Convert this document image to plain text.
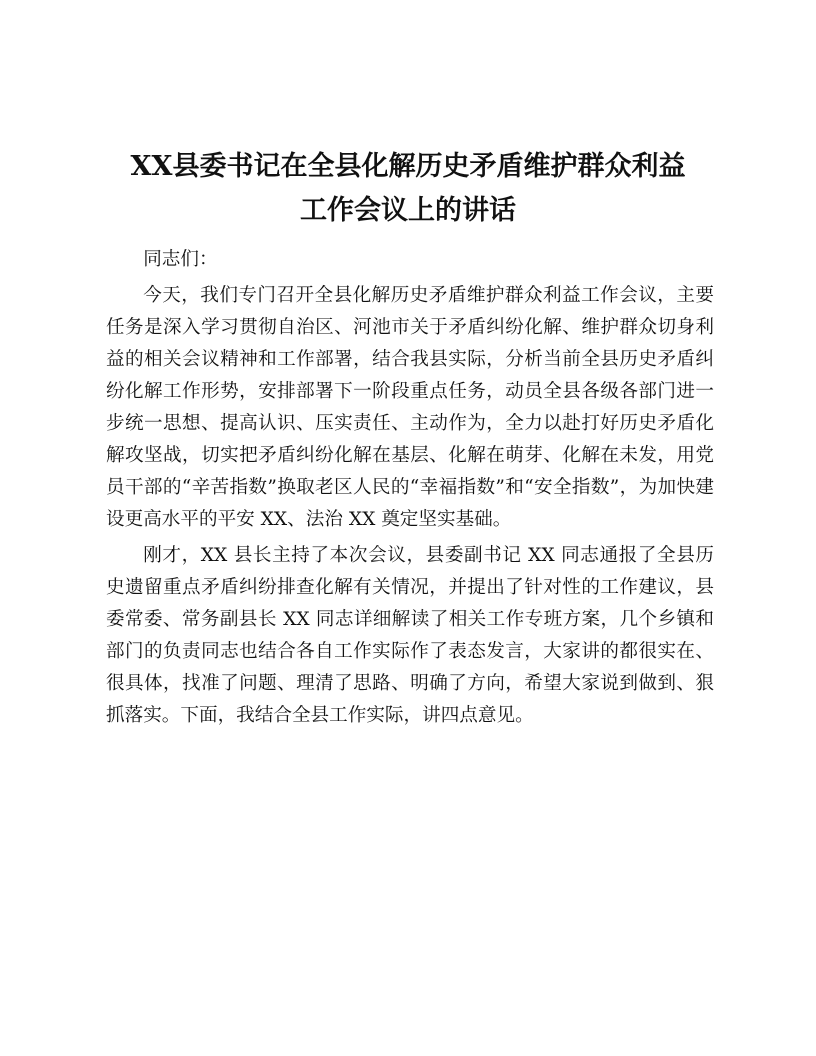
XX县委书记在全县化解历史矛盾维护群众利益
工作会议上的讲话

同志们：

今天，我们专门召开全县化解历史矛盾维护群众利益工作会议，主要任务是深入学习贯彻自治区、河池市关于矛盾纠纷化解、维护群众切身利益的相关会议精神和工作部署，结合我县实际，分析当前全县历史矛盾纠纷化解工作形势，安排部署下一阶段重点任务，动员全县各级各部门进一步统一思想、提高认识、压实责任、主动作为，全力以赴打好历史矛盾化解攻坚战，切实把矛盾纠纷化解在基层、化解在萌芽、化解在未发，用党员干部的“辛苦指数”换取老区人民的“幸福指数”和“安全指数”，为加快建设更高水平的平安 XX、法治 XX 奠定坚实基础。

刚才，XX 县长主持了本次会议，县委副书记 XX 同志通报了全县历史遗留重点矛盾纠纷排查化解有关情况，并提出了针对性的工作建议，县委常委、常务副县长 XX 同志详细解读了相关工作专班方案，几个乡镇和部门的负责同志也结合各自工作实际作了表态发言，大家讲的都很实在、很具体，找准了问题、理清了思路、明确了方向，希望大家说到做到、狠抓落实。下面，我结合全县工作实际，讲四点意见。
